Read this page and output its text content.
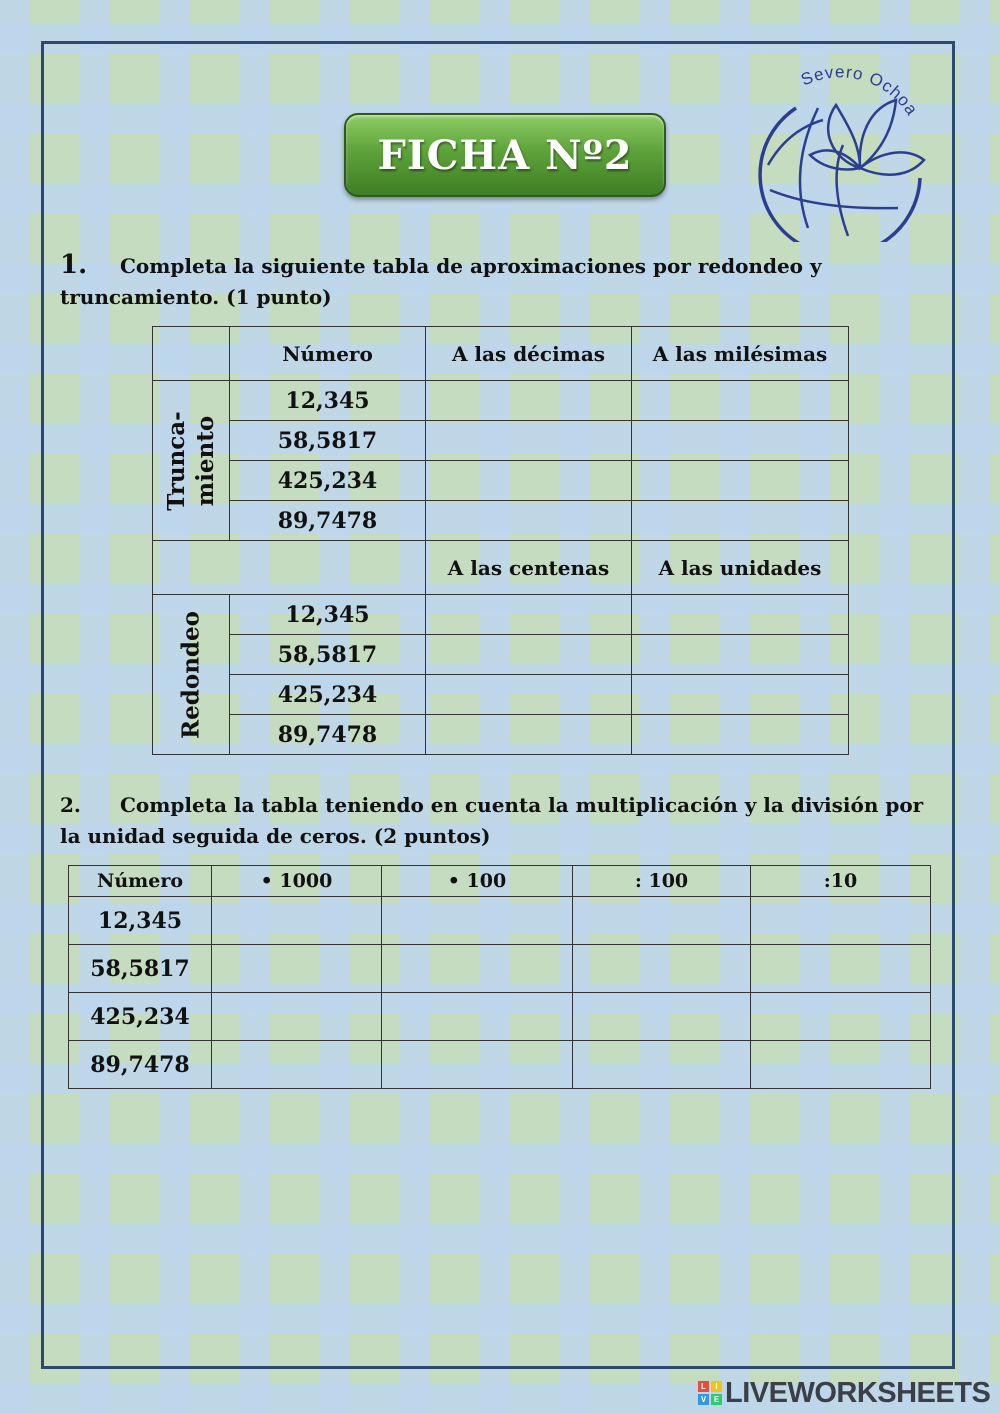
FICHA Nº2
Severo Ochoa
1. Completa la siguiente tabla de aproximaciones por redondeo y truncamiento. (1 punto)
	Número	A las décimas	A las milésimas

Trunca-
miento	12,345		
	58,5817		
	425,234		
	89,7478		
		A las centenas	A las unidades

Redondeo	12,345		
	58,5817		
	425,234		
	89,7478		
2. Completa la tabla teniendo en cuenta la multiplicación y la división por la unidad seguida de ceros. (2 puntos)
Número	• 1000	• 100	: 100	:10
12,345				
58,5817				
425,234				
89,7478				
L	I
V E LIVEWORKSHEETS
